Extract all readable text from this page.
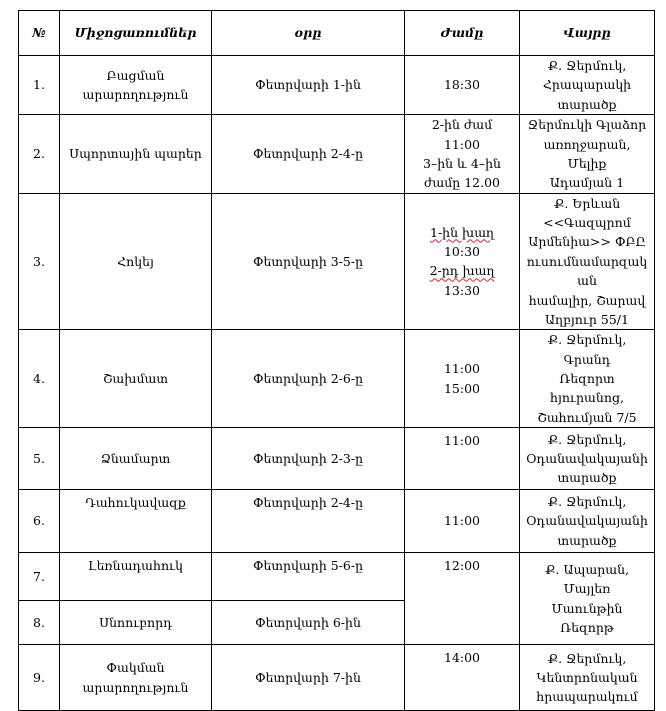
№	Միջոցառումներ	օրը	Ժամը	Վայրը
1.	Բացման
արարողություն	Փետրվարի 1-ին	18:30	Ք. Ջերմուկ,
Հրապարակի տարածք

2.	Սպորտային պարեր	Փետրվարի 2-4-ը	2-ին ժամ
11:00
3–ին և 4–ին
ժամը 12.00	Ջերմուկի Գլաձոր
առողջարան, Մելիք
Ադամյան 1

3.	Հոկեյ	Փետրվարի 3-5-ը	1-ին խաղ
10:30
2-րդ խաղ
13:30	Ք. Երևան <<Գազպրոմ
Արմենիա>> ՓԲԸ
ուսումնամարզական
համալիր, Շարավ
Աղբյուր 55/1

4.	Շախմատ	Փետրվարի 2-6-ը	11:00
15:00	Ք. Ջերմուկ, Գրանդ
Ռեզորտ հյուրանոց,
Շահումյան 7/5

5.	Ձնամարտ	Փետրվարի 2-3-ը	11:00	Ք. Ջերմուկ,
Օդանավակայանի
տարածք

6.	Դահուկավազք	Փետրվարի 2-4-ը	11:00	Ք. Ջերմուկ,
Օդանավակայանի
տարածք

7.	Լեռնադահուկ	Փետրվարի 5-6-ը	12:00	Ք. Ապարան, Մայլեռ
Մաունթին Ռեզորթ

8.	Սնոուբորդ	Փետրվարի 6-ին		
9.	Փակման
արարողություն	Փետրվարի 7-ին	14:00	Ք. Ջերմուկ,
Կենտրոնական
հրապարակում
